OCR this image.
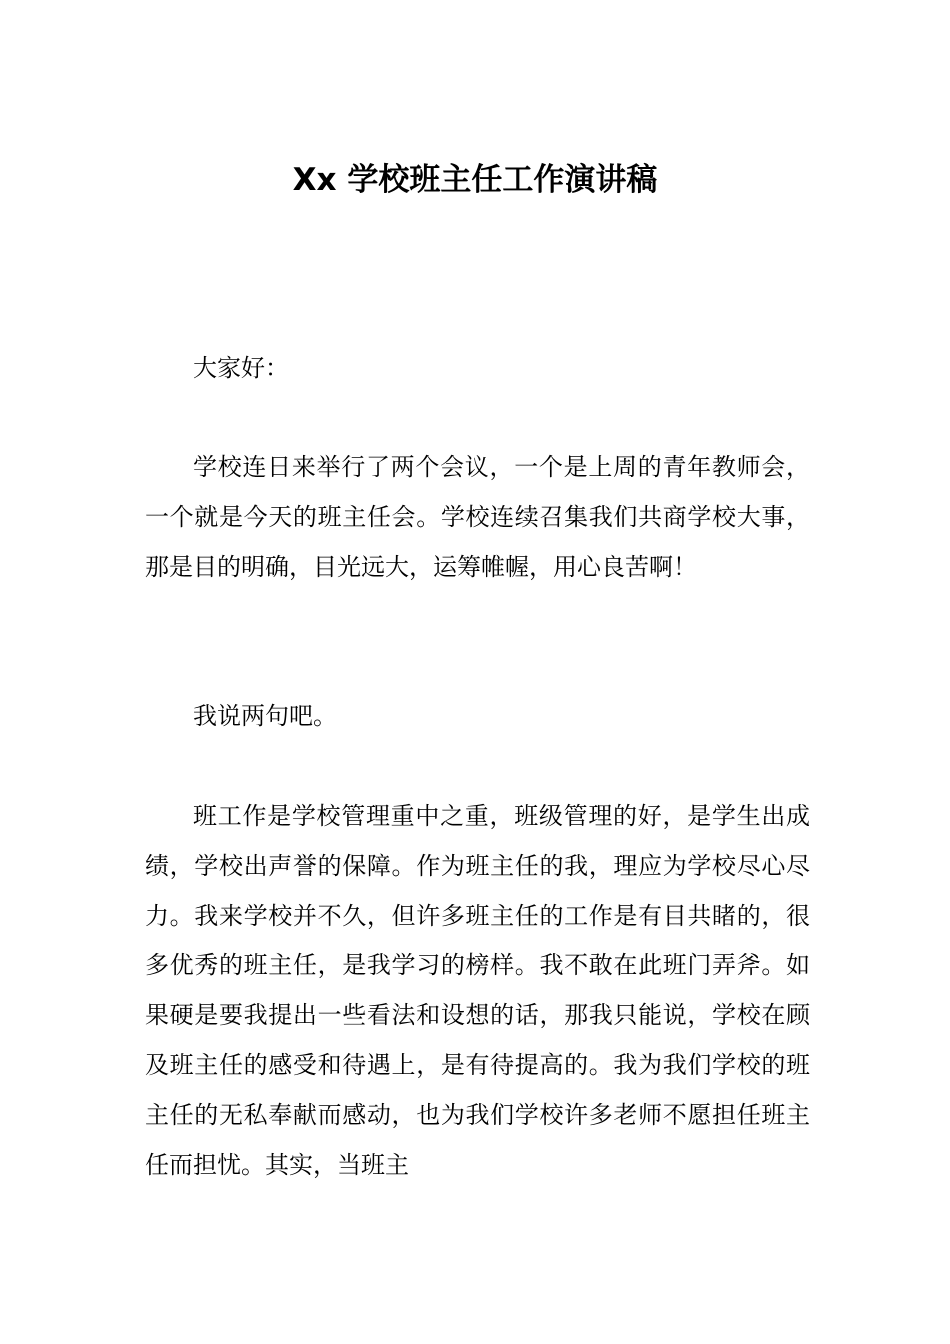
Xx 学校班主任工作演讲稿

大家好：

学校连日来举行了两个会议，一个是上周的青年教师会，一个就是今天的班主任会。学校连续召集我们共商学校大事，那是目的明确，目光远大，运筹帷幄，用心良苦啊！

我说两句吧。

班工作是学校管理重中之重，班级管理的好，是学生出成绩，学校出声誉的保障。作为班主任的我，理应为学校尽心尽力。我来学校并不久，但许多班主任的工作是有目共睹的，很多优秀的班主任，是我学习的榜样。我不敢在此班门弄斧。如果硬是要我提出一些看法和设想的话，那我只能说，学校在顾及班主任的感受和待遇上，是有待提高的。我为我们学校的班主任的无私奉献而感动，也为我们学校许多老师不愿担任班主任而担忧。其实，当班主
